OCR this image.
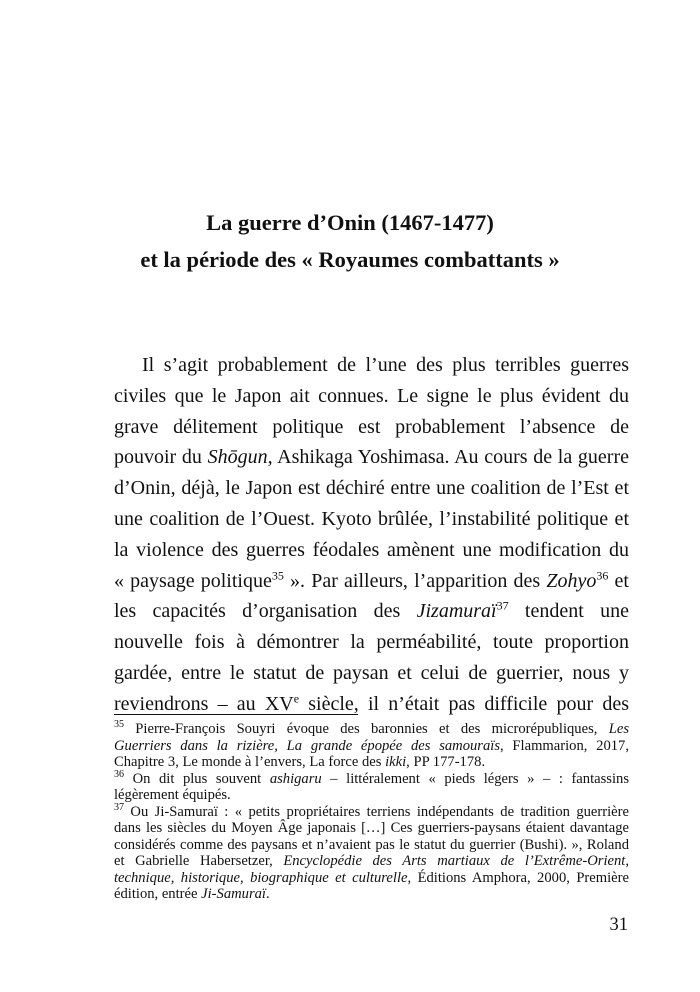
La guerre d’Onin (1467-1477)
et la période des « Royaumes combattants »
Il s’agit probablement de l’une des plus terribles guerres
civiles que le Japon ait connues. Le signe le plus évident du
grave délitement politique est probablement l’absence de
pouvoir du Shōgun, Ashikaga Yoshimasa. Au cours de la guerre
d’Onin, déjà, le Japon est déchiré entre une coalition de l’Est et
une coalition de l’Ouest. Kyoto brûlée, l’instabilité politique et
la violence des guerres féodales amènent une modification du
« paysage politique$^{35}$ ». Par ailleurs, l’apparition des Zohyo$^{36}$ et
les capacités d’organisation des Jizamuraï$^{37}$ tendent une
nouvelle fois à démontrer la perméabilité, toute proportion
gardée, entre le statut de paysan et celui de guerrier, nous y
reviendrons – au XVe siècle, il n’était pas difficile pour des
$^{35}$ Pierre-François Souyri évoque des baronnies et des microrépubliques, Les
Guerriers dans la rizière, La grande épopée des samouraïs, Flammarion, 2017,
Chapitre 3, Le monde à l’envers, La force des ikki, PP 177-178.
$^{36}$ On dit plus souvent ashigaru – littéralement « pieds légers » – : fantassins
légèrement équipés.
$^{37}$ Ou Ji-Samuraï : « petits propriétaires terriens indépendants de tradition guerrière
dans les siècles du Moyen Âge japonais […] Ces guerriers-paysans étaient davantage
considérés comme des paysans et n’avaient pas le statut du guerrier (Bushi). », Roland
et Gabrielle Habersetzer, Encyclopédie des Arts martiaux de l’Extrême-Orient,
technique, historique, biographique et culturelle, Éditions Amphora, 2000, Première
édition, entrée Ji-Samuraï.
31
